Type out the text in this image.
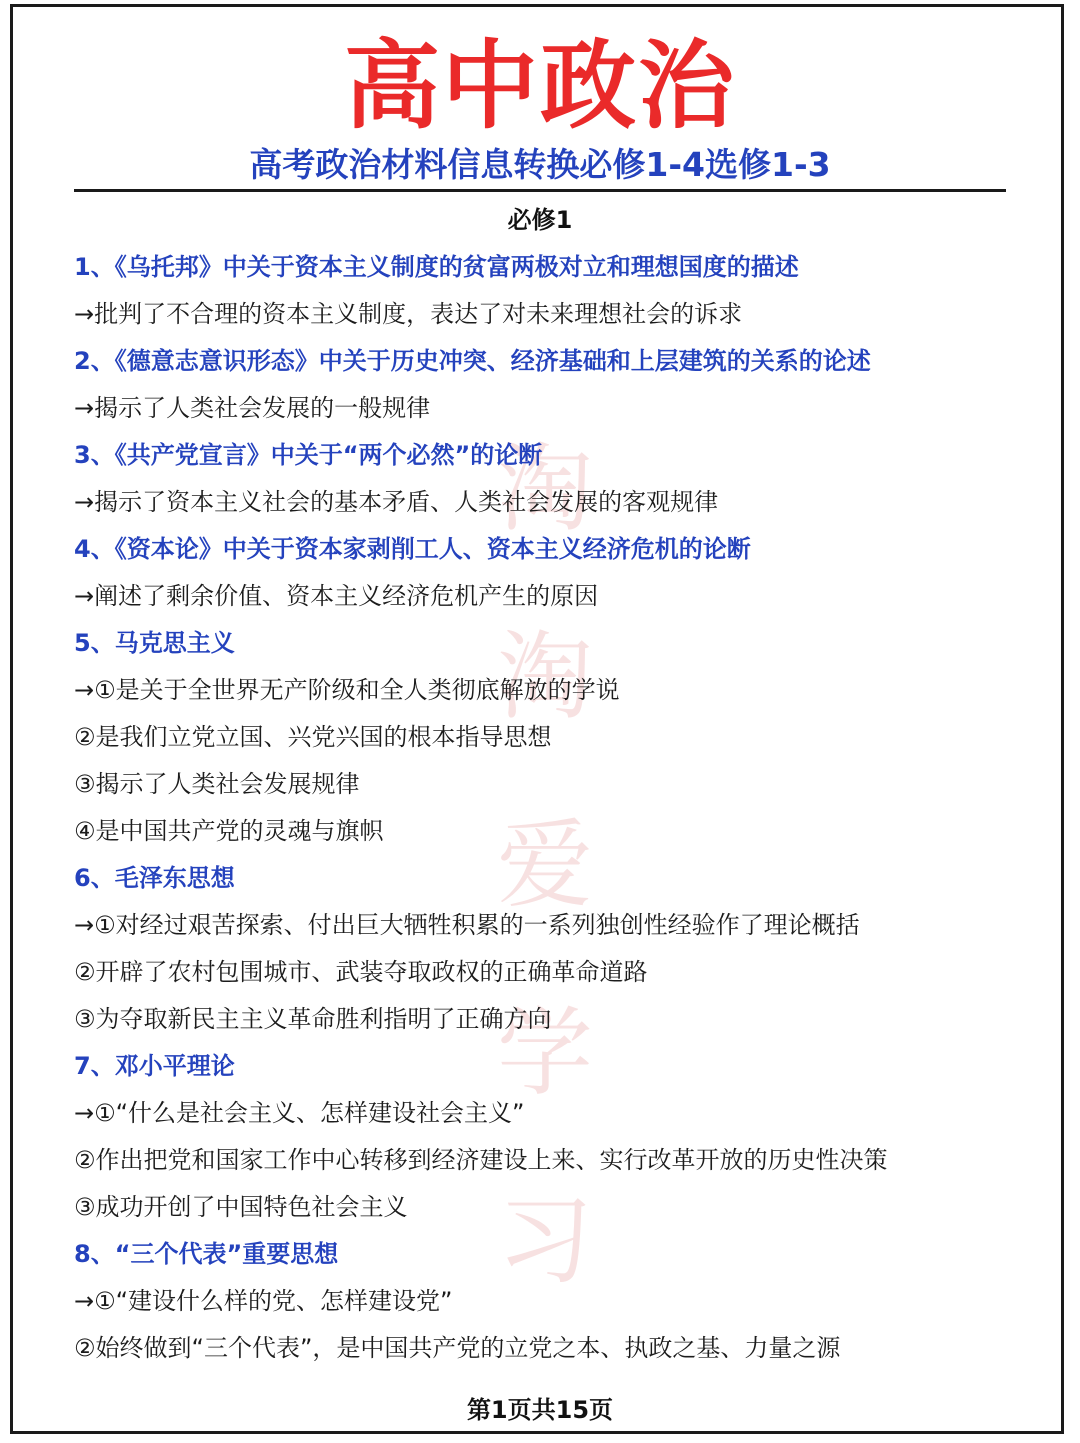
淘
淘
爱
学
习
高中政治
高考政治材料信息转换必修1-4选修1-3
必修1
1、《乌托邦》中关于资本主义制度的贫富两极对立和理想国度的描述
→批判了不合理的资本主义制度，表达了对未来理想社会的诉求
2、《德意志意识形态》中关于历史冲突、经济基础和上层建筑的关系的论述
→揭示了人类社会发展的一般规律
3、《共产党宣言》中关于“两个必然”的论断
→揭示了资本主义社会的基本矛盾、人类社会发展的客观规律
4、《资本论》中关于资本家剥削工人、资本主义经济危机的论断
→阐述了剩余价值、资本主义经济危机产生的原因
5、马克思主义
→①是关于全世界无产阶级和全人类彻底解放的学说
②是我们立党立国、兴党兴国的根本指导思想
③揭示了人类社会发展规律
④是中国共产党的灵魂与旗帜
6、毛泽东思想
→①对经过艰苦探索、付出巨大牺牲积累的一系列独创性经验作了理论概括
②开辟了农村包围城市、武装夺取政权的正确革命道路
③为夺取新民主主义革命胜利指明了正确方向
7、邓小平理论
→①“什么是社会主义、怎样建设社会主义”
②作出把党和国家工作中心转移到经济建设上来、实行改革开放的历史性决策
③成功开创了中国特色社会主义
8、“三个代表”重要思想
→①“建设什么样的党、怎样建设党”
②始终做到“三个代表”，是中国共产党的立党之本、执政之基、力量之源
第1页共15页
